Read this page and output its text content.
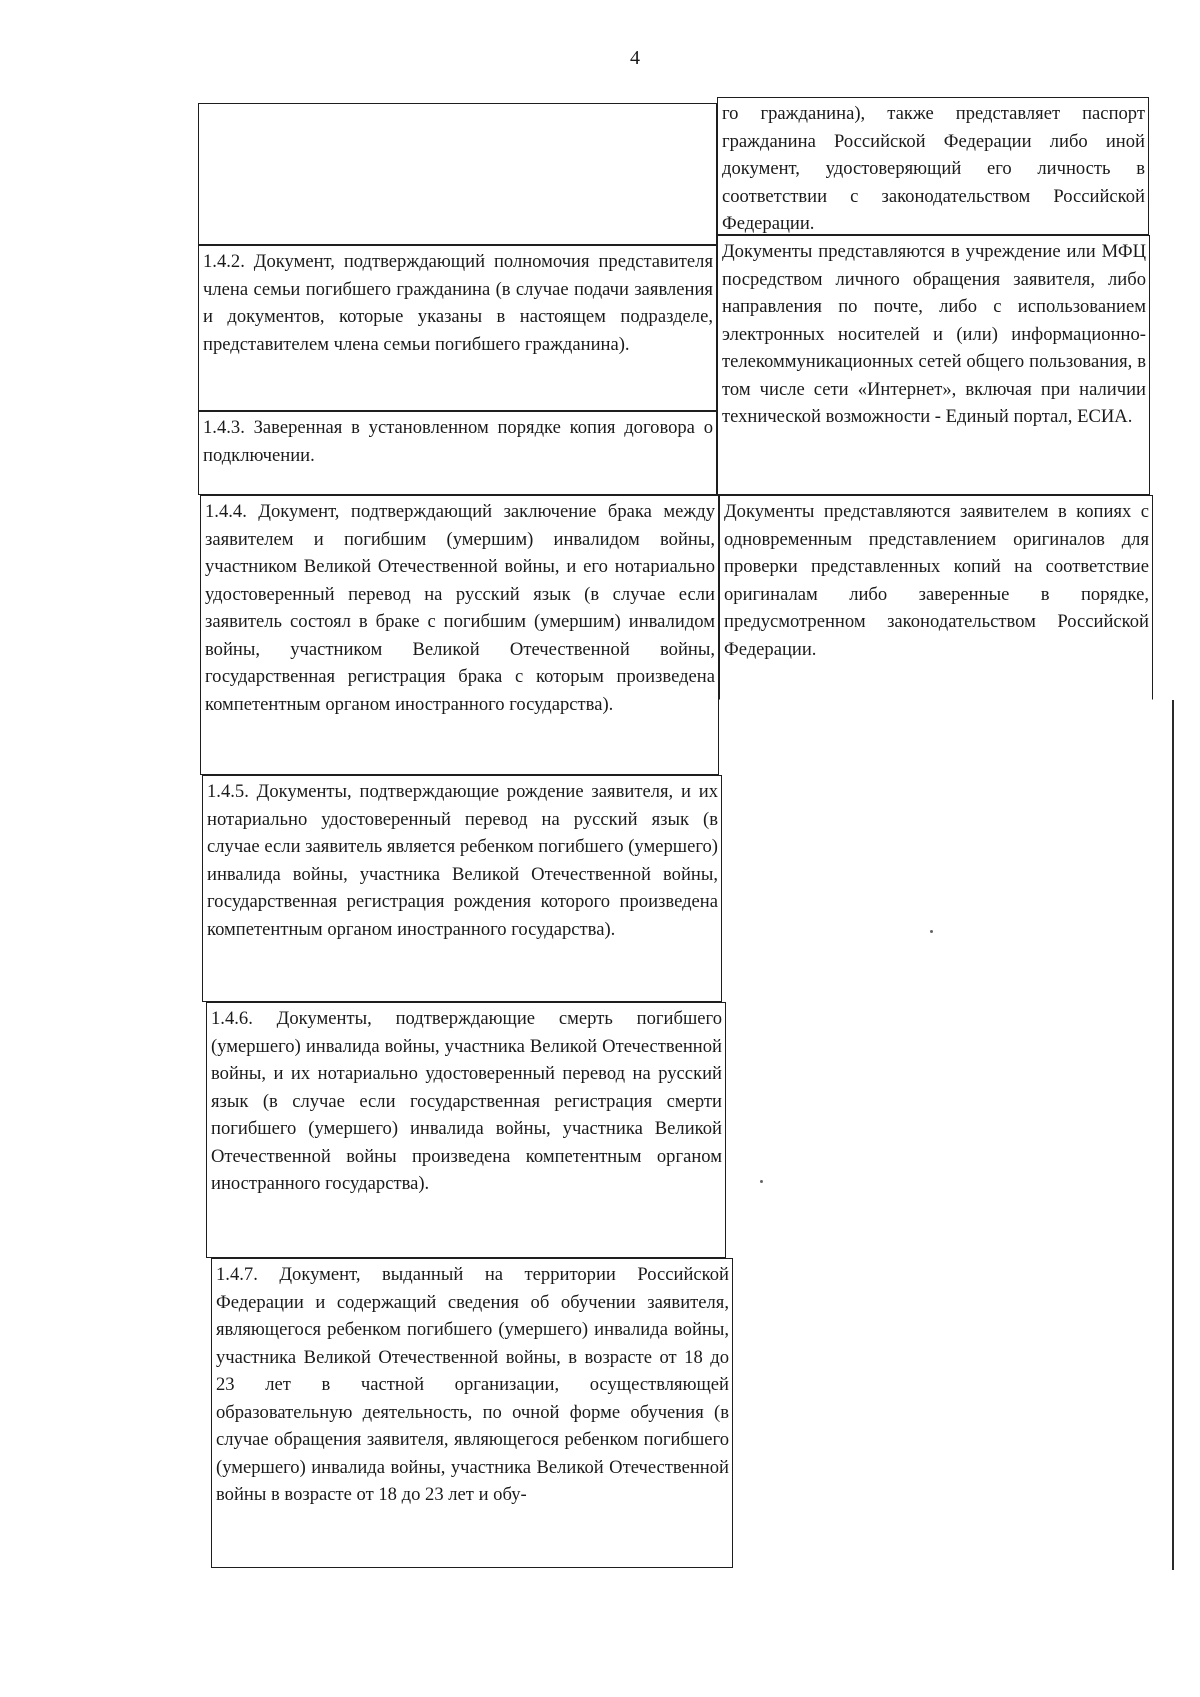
4
1.4.2. Документ, подтверждающий полномочия представителя члена семьи погибшего гражданина (в случае подачи заявления и документов, которые указаны в настоящем подразделе, представителем члена семьи погибшего гражданина).
1.4.3. Заверенная в установленном порядке копия договора о подключении.
1.4.4. Документ, подтверждающий заключение брака между заявителем и погибшим (умершим) инвалидом войны, участником Великой Отечественной войны, и его нотариально удостоверенный перевод на русский язык (в случае если заявитель состоял в браке с погибшим (умершим) инвалидом войны, участником Великой Отечественной войны, государственная регистрация брака с которым произведена компетентным органом иностранного государства).
1.4.5. Документы, подтверждающие рождение заявителя, и их нотариально удостоверенный перевод на русский язык (в случае если заявитель является ребенком погибшего (умершего) инвалида войны, участника Великой Отечественной войны, государственная регистрация рождения которого произведена компетентным органом иностранного государства).
1.4.6. Документы, подтверждающие смерть погибшего (умершего) инвалида войны, участника Великой Отечественной войны, и их нотариально удостоверенный перевод на русский язык (в случае если государственная регистрация смерти погибшего (умершего) инвалида войны, участника Великой Отечественной войны произведена компетентным органом иностранного государства).
1.4.7. Документ, выданный на территории Российской Федерации и содержащий сведения об обучении заявителя, являющегося ребенком погибшего (умершего) инвалида войны, участника Великой Отечественной войны, в возрасте от 18 до 23 лет в частной организации, осуществляющей образовательную деятельность, по очной форме обучения (в случае обращения заявителя, являющегося ребенком погибшего (умершего) инвалида войны, участника Великой Отечественной войны в возрасте от 18 до 23 лет и обу-
го гражданина), также представляет паспорт гражданина Российской Федерации либо иной документ, удостоверяющий его личность в соответствии с законодательством Российской Федерации.
Документы представляются в учреждение или МФЦ посредством личного обращения заявителя, либо направления по почте, либо с использованием электронных носителей и (или) информационно-телекоммуникационных сетей общего пользования, в том числе сети «Интернет», включая при наличии технической возможности - Единый портал, ЕСИА.
Документы представляются заявителем в копиях с одновременным представлением оригиналов для проверки представленных копий на соответствие оригиналам либо заверенные в порядке, предусмотренном законодательством Российской Федерации.
